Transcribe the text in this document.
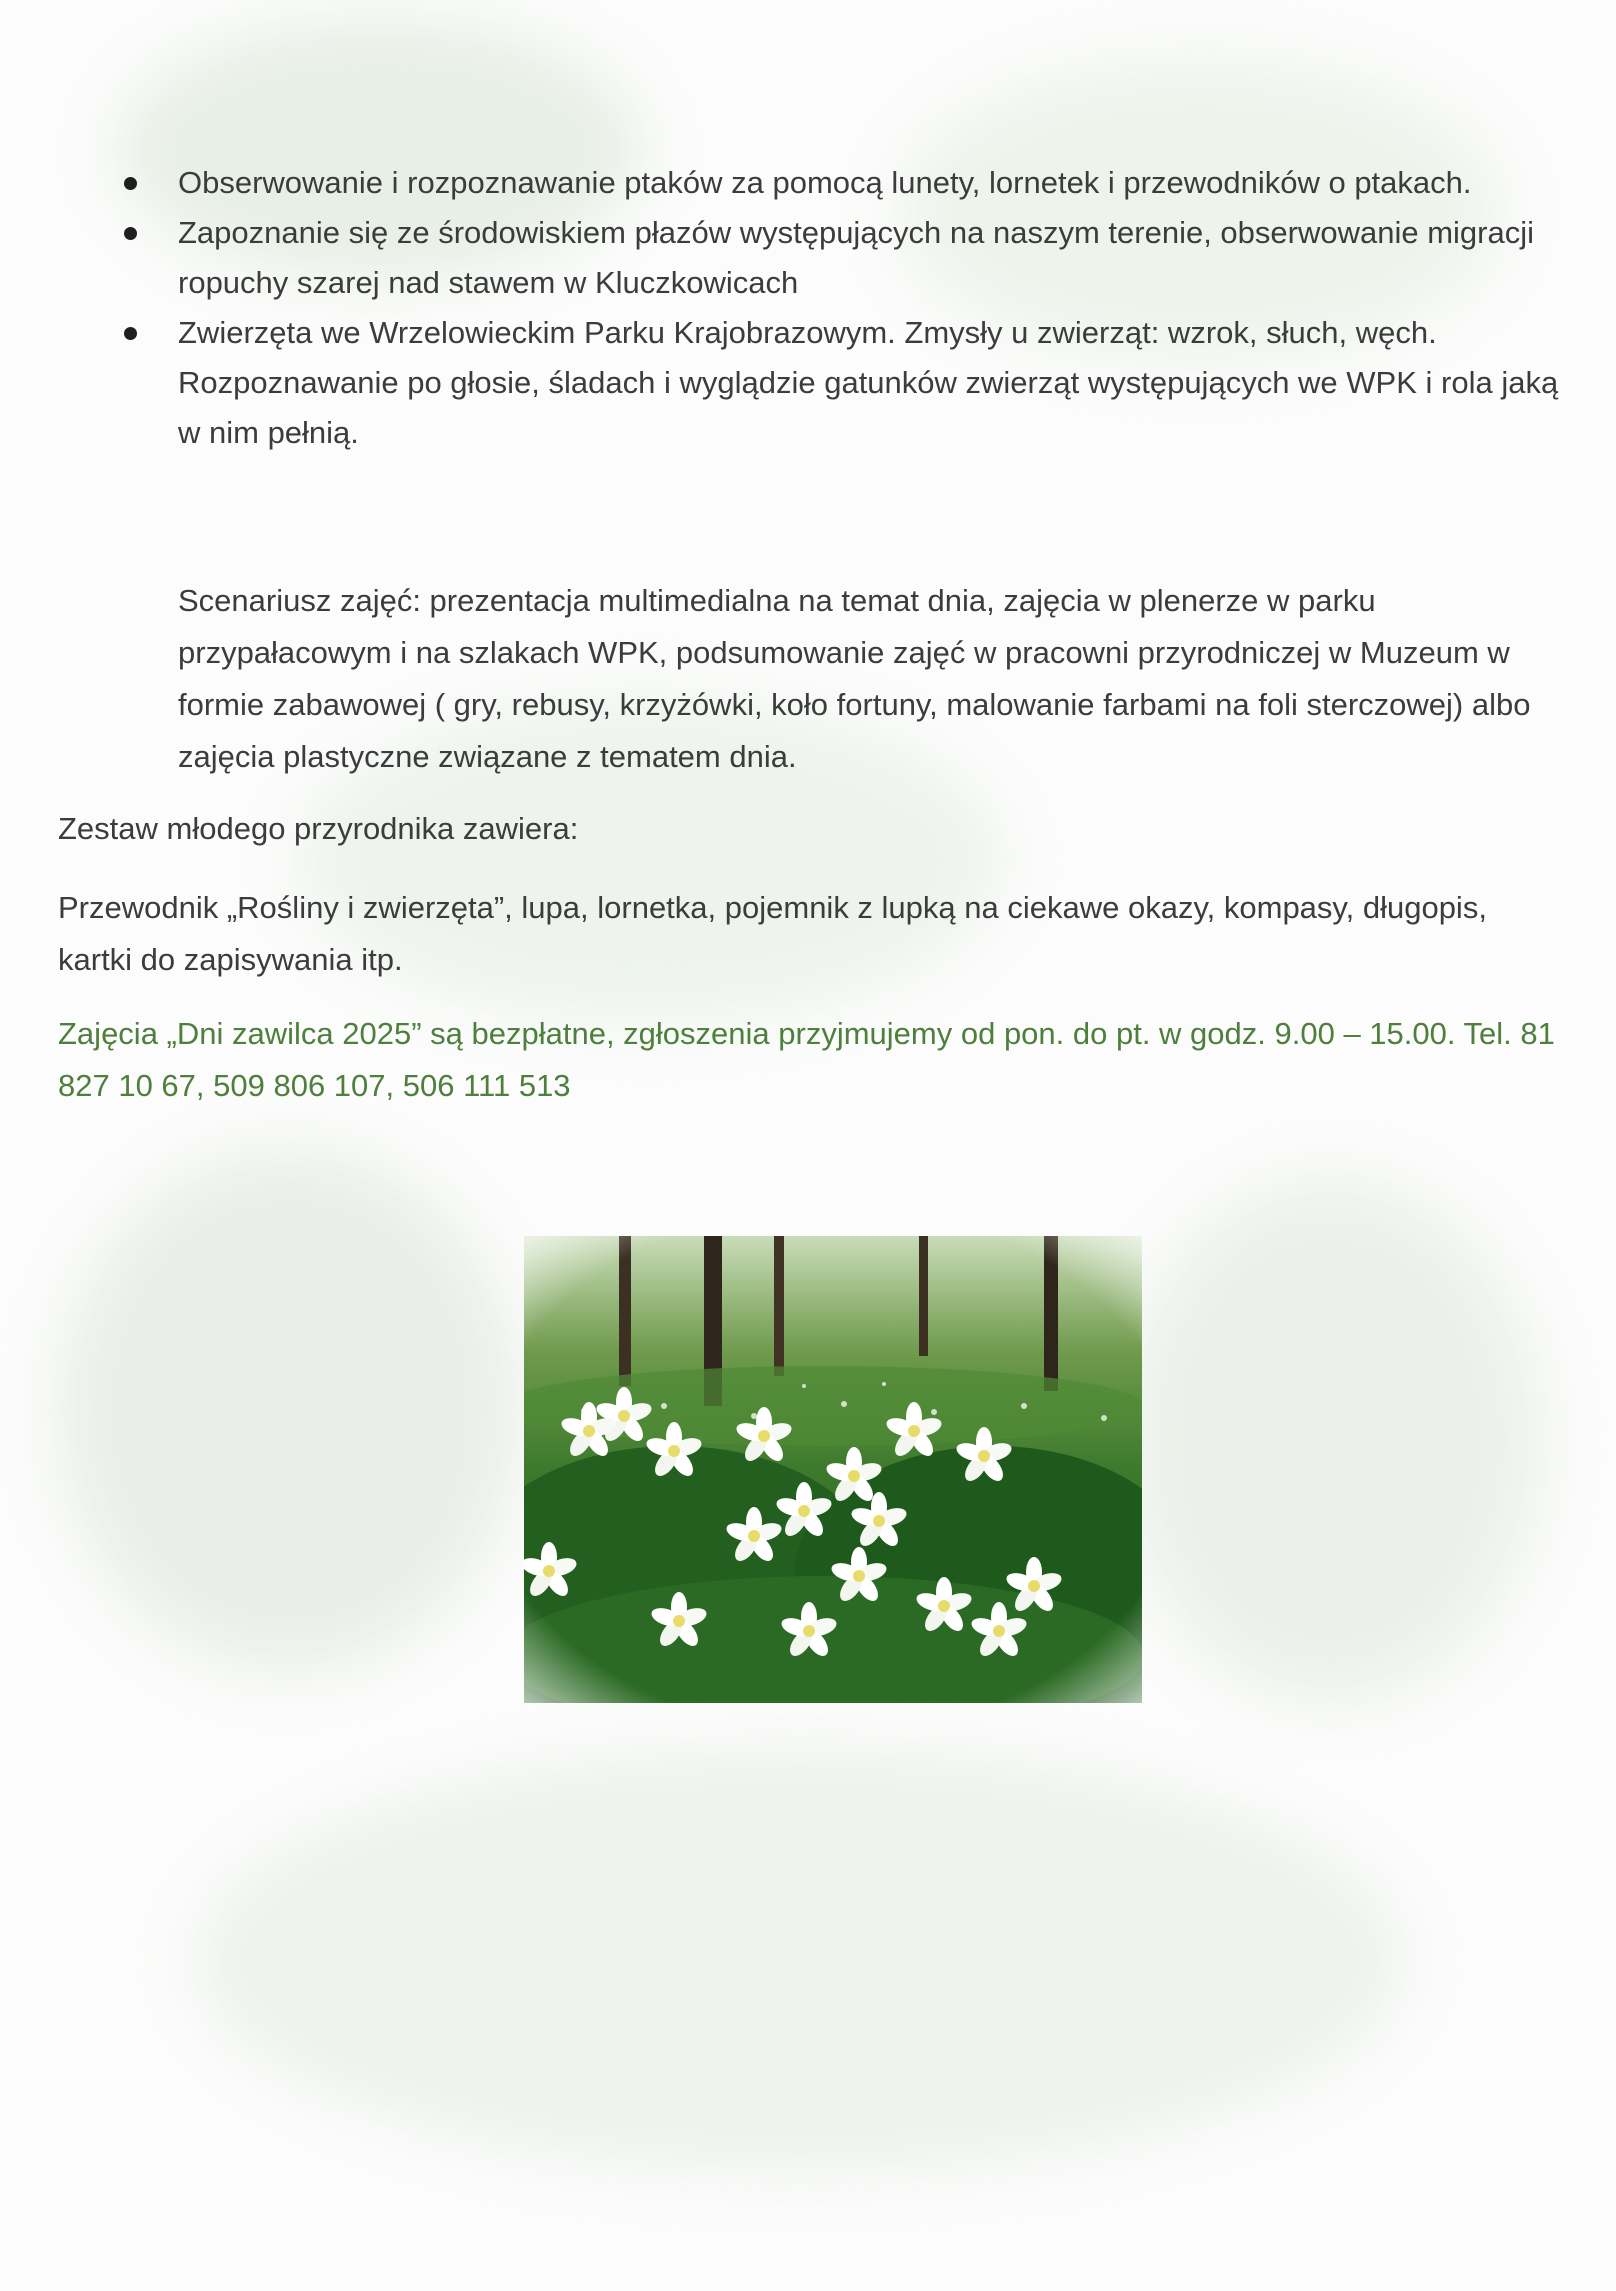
Obserwowanie i rozpoznawanie ptaków za pomocą lunety, lornetek i przewodników o ptakach.
Zapoznanie się ze środowiskiem płazów występujących na naszym terenie, obserwowanie migracji ropuchy szarej nad stawem w Kluczkowicach
Zwierzęta we Wrzelowieckim Parku Krajobrazowym. Zmysły u zwierząt: wzrok, słuch, węch. Rozpoznawanie po głosie, śladach i wyglądzie gatunków zwierząt występujących we WPK i rola jaką w nim pełnią.

Scenariusz zajęć: prezentacja multimedialna na temat dnia, zajęcia w plenerze w parku przypałacowym i na szlakach WPK, podsumowanie zajęć w pracowni przyrodniczej w Muzeum w formie zabawowej ( gry, rebusy, krzyżówki, koło fortuny, malowanie farbami na foli sterczowej) albo zajęcia plastyczne związane z tematem dnia.

Zestaw młodego przyrodnika zawiera:

Przewodnik „Rośliny i zwierzęta”, lupa, lornetka, pojemnik z lupką na ciekawe okazy, kompasy, długopis, kartki do zapisywania itp.

Zajęcia „Dni zawilca 2025” są bezpłatne, zgłoszenia przyjmujemy od pon. do pt. w godz. 9.00 – 15.00. Tel. 81 827 10 67, 509 806 107, 506 111 513
